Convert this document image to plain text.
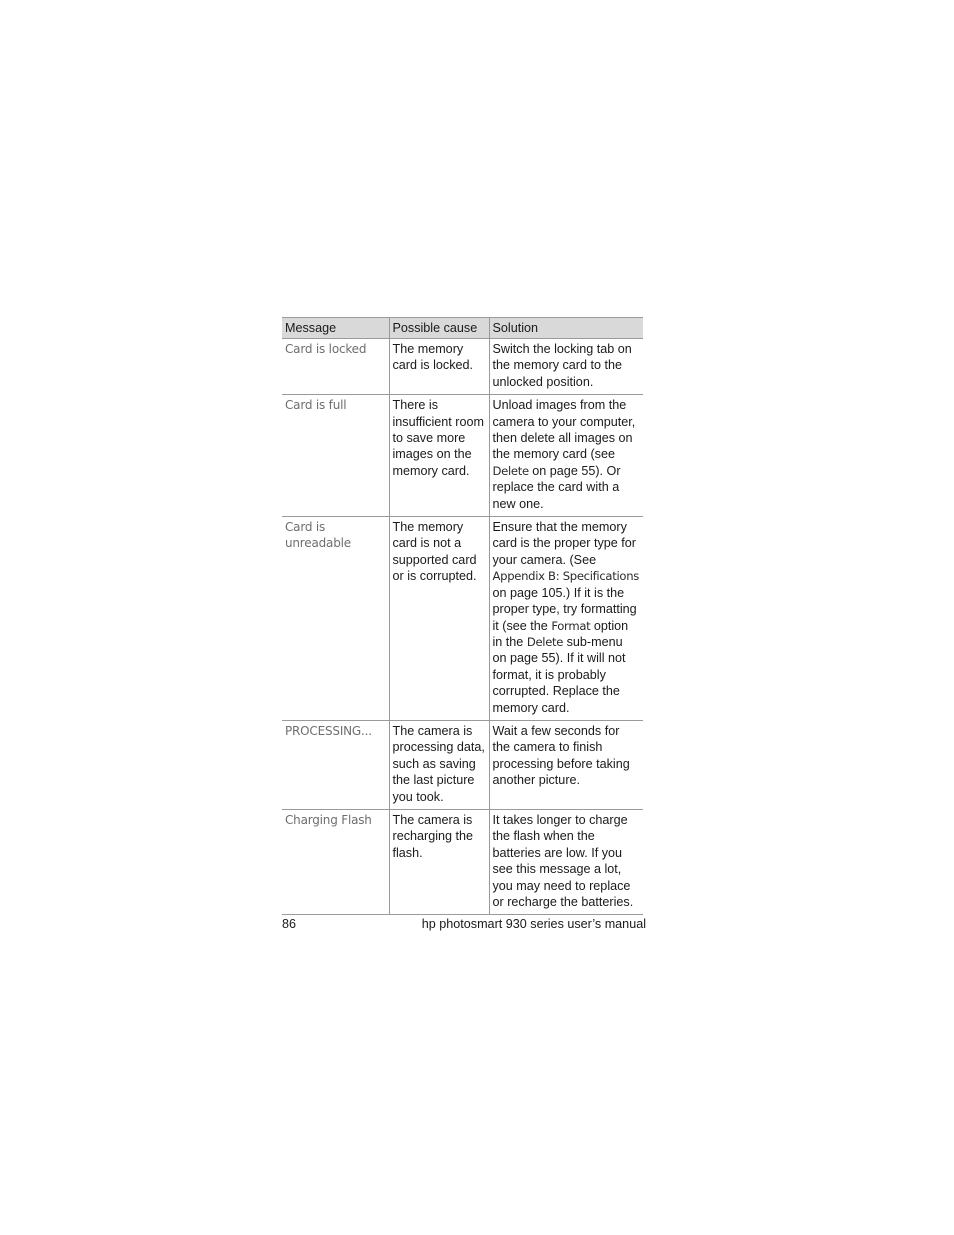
Message	Possible cause	Solution
Card is locked	The memory card is locked.	Switch the locking tab on the memory card to the unlocked position.
Card is full	There is insufficient room to save more images on the memory card.	Unload images from the camera to your computer, then delete all images on the memory card (see Delete on page 55). Or replace the card with a new one.
Card is unreadable	The memory card is not a supported card or is corrupted.	Ensure that the memory card is the proper type for your camera. (See Appendix B: Specifications on page 105.) If it is the proper type, try formatting it (see the Format option in the Delete sub-menu on page 55). If it will not format, it is probably corrupted. Replace the memory card.
PROCESSING...	The camera is processing data, such as saving the last picture you took.	Wait a few seconds for the camera to finish processing before taking another picture.
Charging Flash	The camera is recharging the flash.	It takes longer to charge the flash when the batteries are low. If you see this message a lot, you may need to replace or recharge the batteries.
86	hp photosmart 930 series user’s manual
